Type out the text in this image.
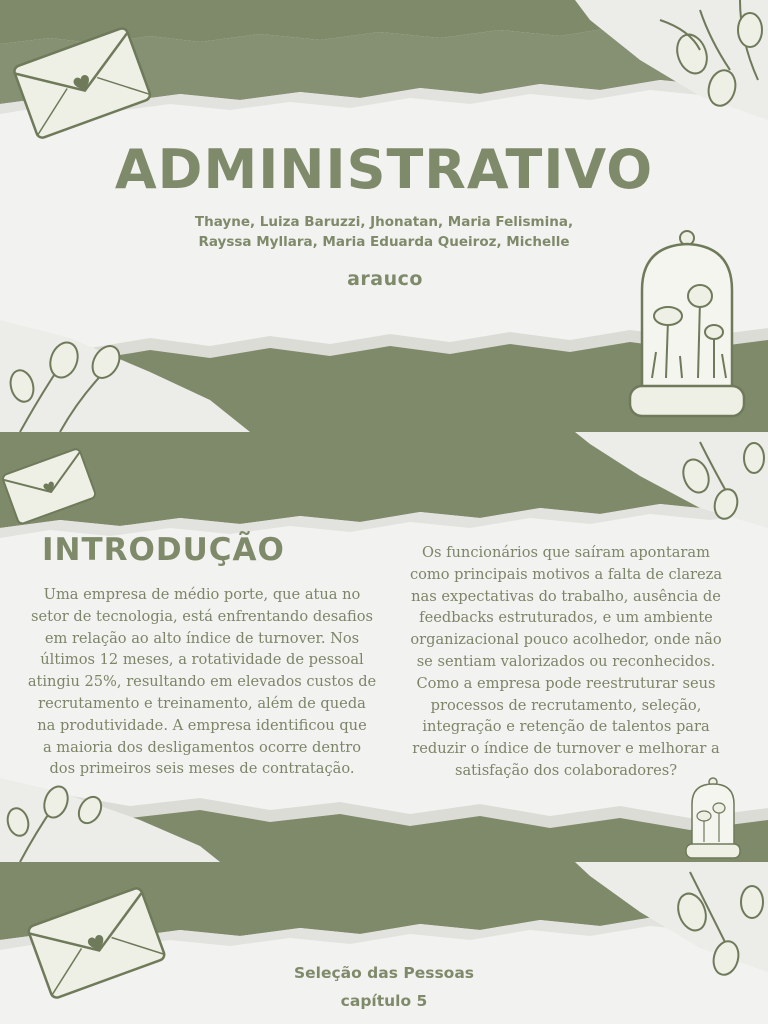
ADMINISTRATIVO

Thayne, Luiza Baruzzi, Jhonatan, Maria Felismina,
Rayssa Myllara, Maria Eduarda Queiroz, Michelle

arauco

INTRODUÇÃO

Uma empresa de médio porte, que atua no
setor de tecnologia, está enfrentando desafios
em relação ao alto índice de turnover. Nos
últimos 12 meses, a rotatividade de pessoal
atingiu 25%, resultando em elevados custos de
recrutamento e treinamento, além de queda
na produtividade. A empresa identificou que
a maioria dos desligamentos ocorre dentro
dos primeiros seis meses de contratação.

Os funcionários que saíram apontaram
como principais motivos a falta de clareza
nas expectativas do trabalho, ausência de
feedbacks estruturados, e um ambiente
organizacional pouco acolhedor, onde não
se sentiam valorizados ou reconhecidos.
Como a empresa pode reestruturar seus
processos de recrutamento, seleção,
integração e retenção de talentos para
reduzir o índice de turnover e melhorar a
satisfação dos colaboradores?

Seleção das Pessoas

capítulo 5
